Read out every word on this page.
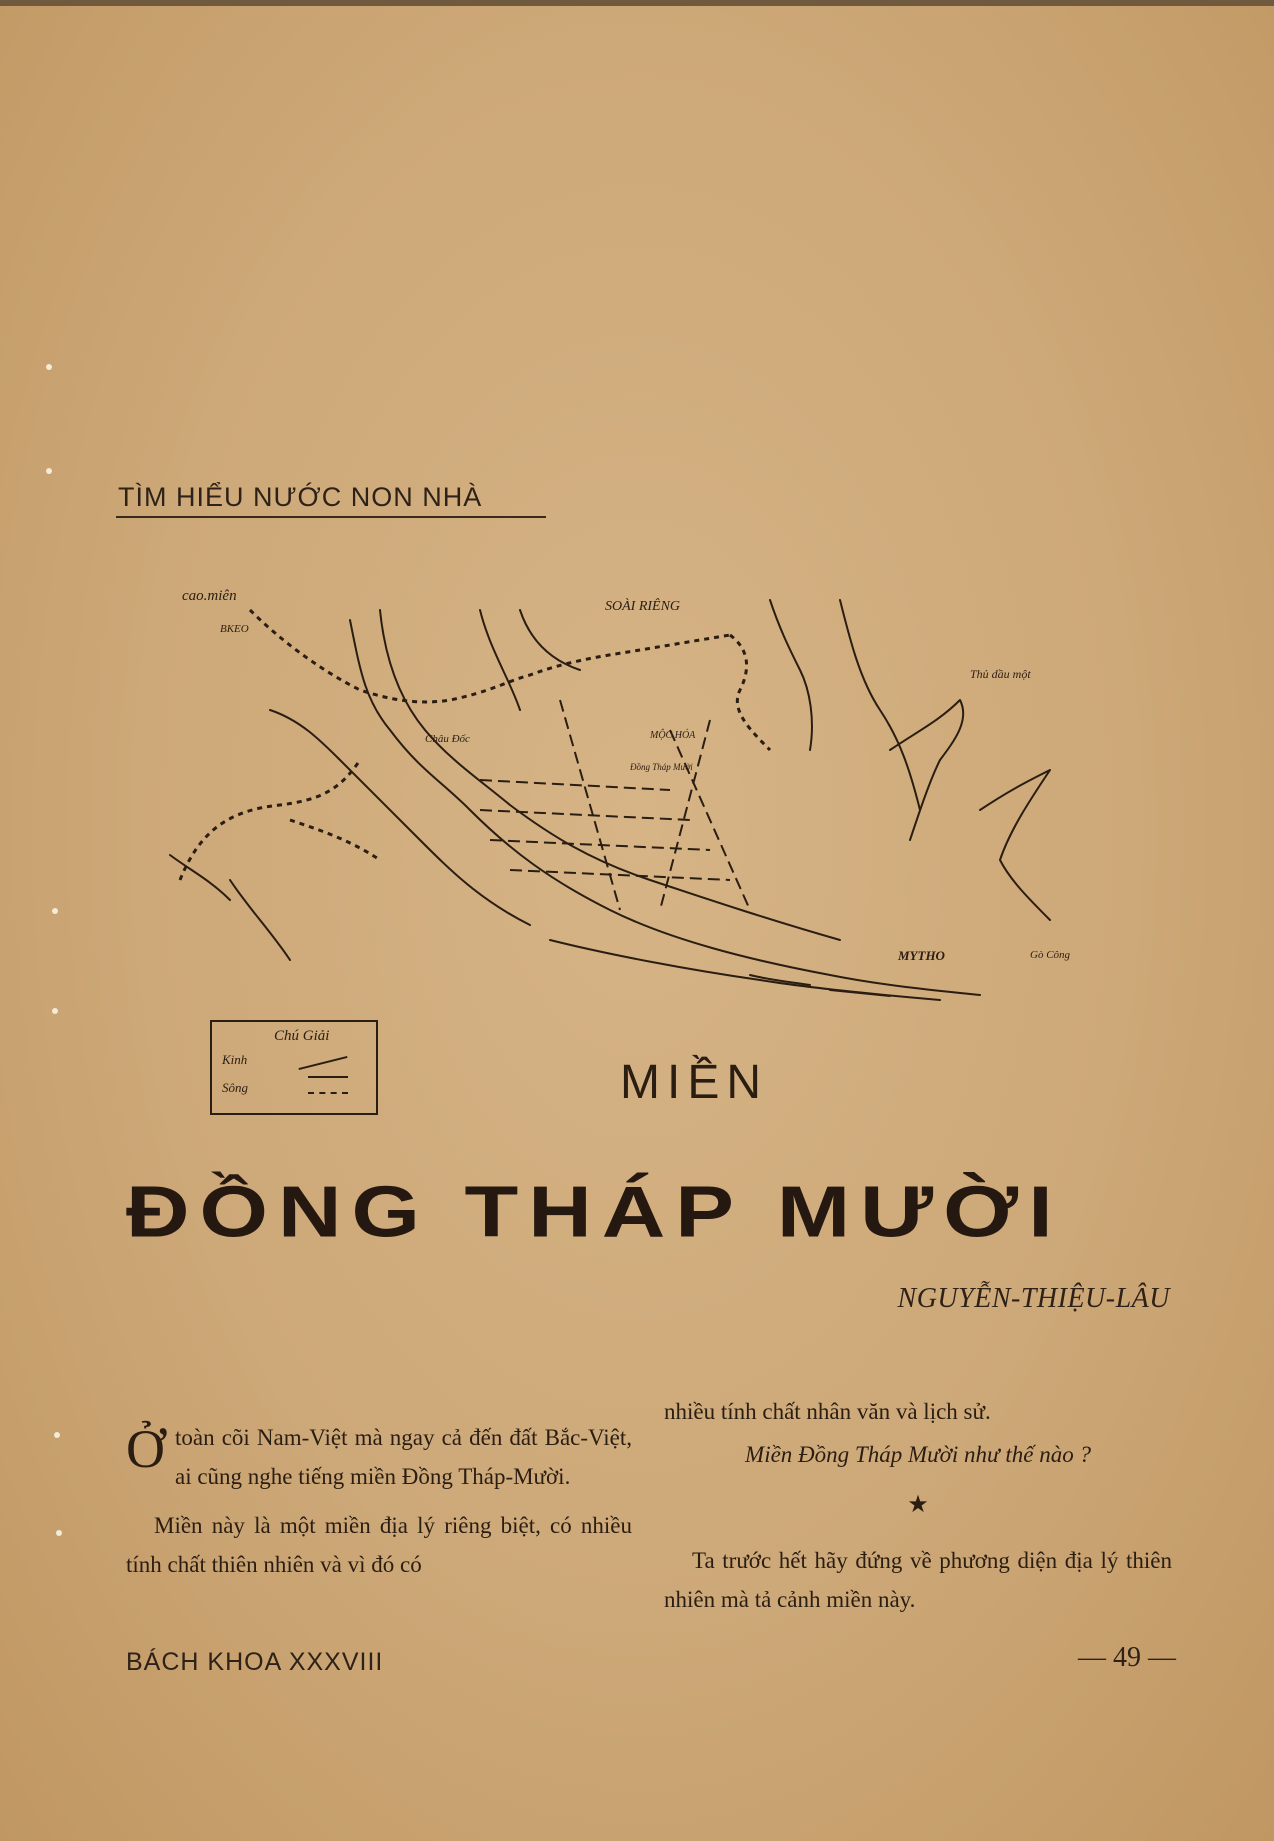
TÌM HIỂU NƯỚC NON NHÀ
cao.miên
BKEO
SOÀI RIÊNG
Thủ dầu một
Châu Đốc	MỘC HÓA
Đồng Tháp Mười
MYTHO	Gò Công
Chú Giải
Kinh
Sông	MIỀN
ĐỒNG THÁP MƯỜI
NGUYỄN-THIỆU-LÂU

Ởtoàn cõi Nam-Việt mà ngay cả đến đất Bắc-Việt, ai cũng nghe tiếng miền Đồng Tháp-Mười.

Miền này là một miền địa lý riêng biệt, có nhiều tính chất thiên nhiên và vì đó có

nhiều tính chất nhân văn và lịch sử.

Miền Đồng Tháp Mười như thế nào ?

★

Ta trước hết hãy đứng về phương diện địa lý thiên nhiên mà tả cảnh miền này.

BÁCH KHOA XXXVIII	— 49 —
